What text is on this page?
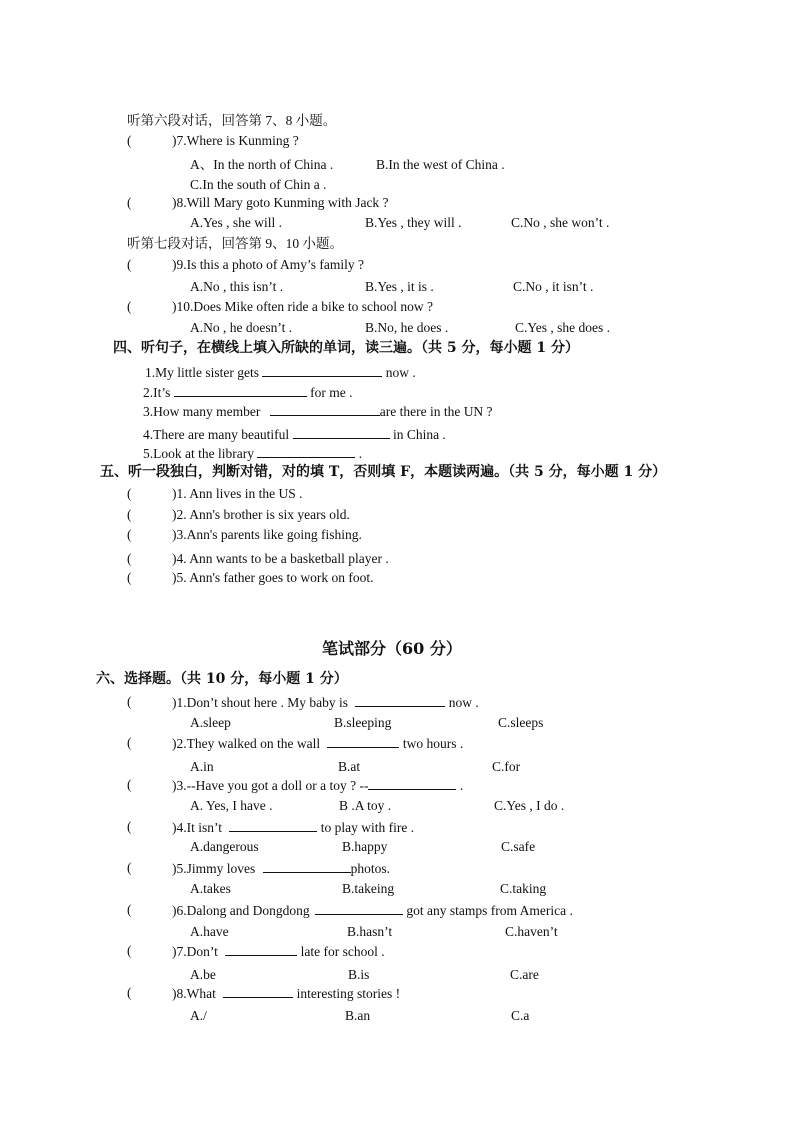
听第六段对话，回答第 7、8 小题。
(	)7.Where is Kunming ?
A、In the north of China .	B.In the west of China .
C.In the south of Chin a .
(	)8.Will Mary goto Kunming with Jack ?
A.Yes , she will .	B.Yes , they will .	C.No , she won’t .
听第七段对话，回答第 9、10 小题。
(	)9.Is this a photo of Amy’s family ?
A.No , this isn’t .	B.Yes , it is .	C.No , it isn’t .
(	)10.Does Mike often ride a bike to school now ?
A.No , he doesn’t .	B.No, he does .	C.Yes , she does .
四、听句子，在横线上填入所缺的单词，读三遍。（共 5 分，每小题 1 分）
1.My little sister gets	now .
2.It’s	for me .
3.How many member	are there in the UN ?
4.There are many beautiful	in China .
5.Look at the library	.
五、听一段独白，判断对错，对的填 T，否则填 F，本题读两遍。（共 5 分，每小题 1 分）
(	)1. Ann lives in the US .
(	)2. Ann's brother is six years old.
(	)3.Ann's parents like going fishing.
(	)4. Ann wants to be a basketball player .
(	)5. Ann's father goes to work on foot.
笔试部分（60 分）
六、选择题。（共 10 分，每小题 1 分）
(	)1.Don’t shout here . My baby is	now .
A.sleep	B.sleeping	C.sleeps
(	)2.They walked on the wall	two hours .
A.in	B.at	C.for
(	)3.--Have you got a doll or a toy ? --	.
A. Yes, I have .	B .A toy .	C.Yes , I do .
(	)4.It isn’t	to play with fire .
A.dangerous	B.happy	C.safe
(	)5.Jimmy loves	photos.
A.takes	B.takeing	C.taking
(	)6.Dalong and Dongdong	got any stamps from America .
A.have	B.hasn’t	C.haven’t
(	)7.Don’t	late for school .
A.be	B.is	C.are
(	)8.What	interesting stories !
A./	B.an	C.a
